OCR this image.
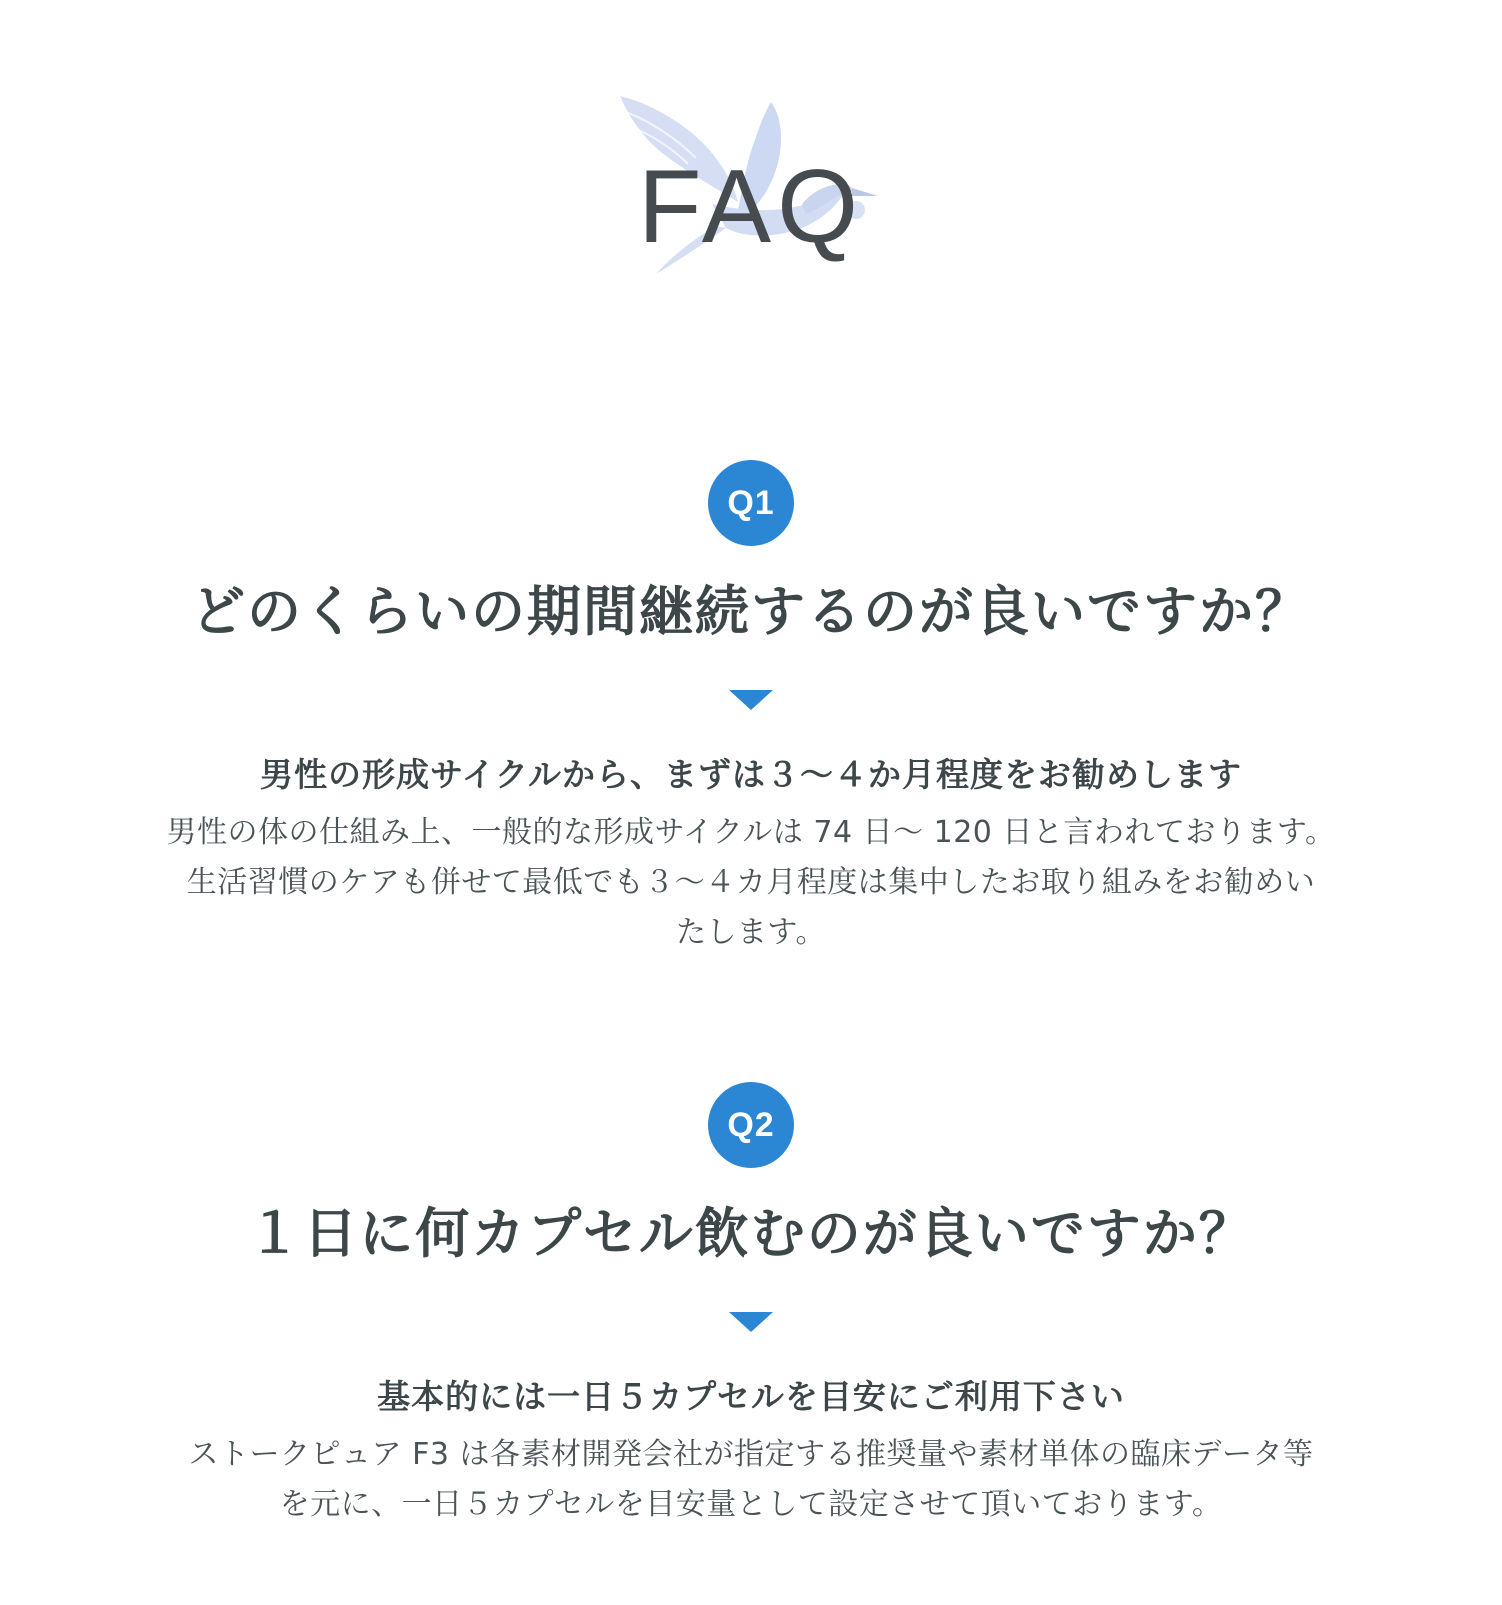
FAQ
Q1
どのくらいの期間継続するのが良いですか？

男性の形成サイクルから、まずは３～４か月程度をお勧めします

男性の体の仕組み上、一般的な形成サイクルは 74 日～ 120 日と言われております。
生活習慣のケアも併せて最低でも３～４カ月程度は集中したお取り組みをお勧めい
たします。

Q2
１日に何カプセル飲むのが良いですか？

基本的には一日５カプセルを目安にご利用下さい

ストークピュア F3 は各素材開発会社が指定する推奨量や素材単体の臨床データ等
を元に、一日５カプセルを目安量として設定させて頂いております。
